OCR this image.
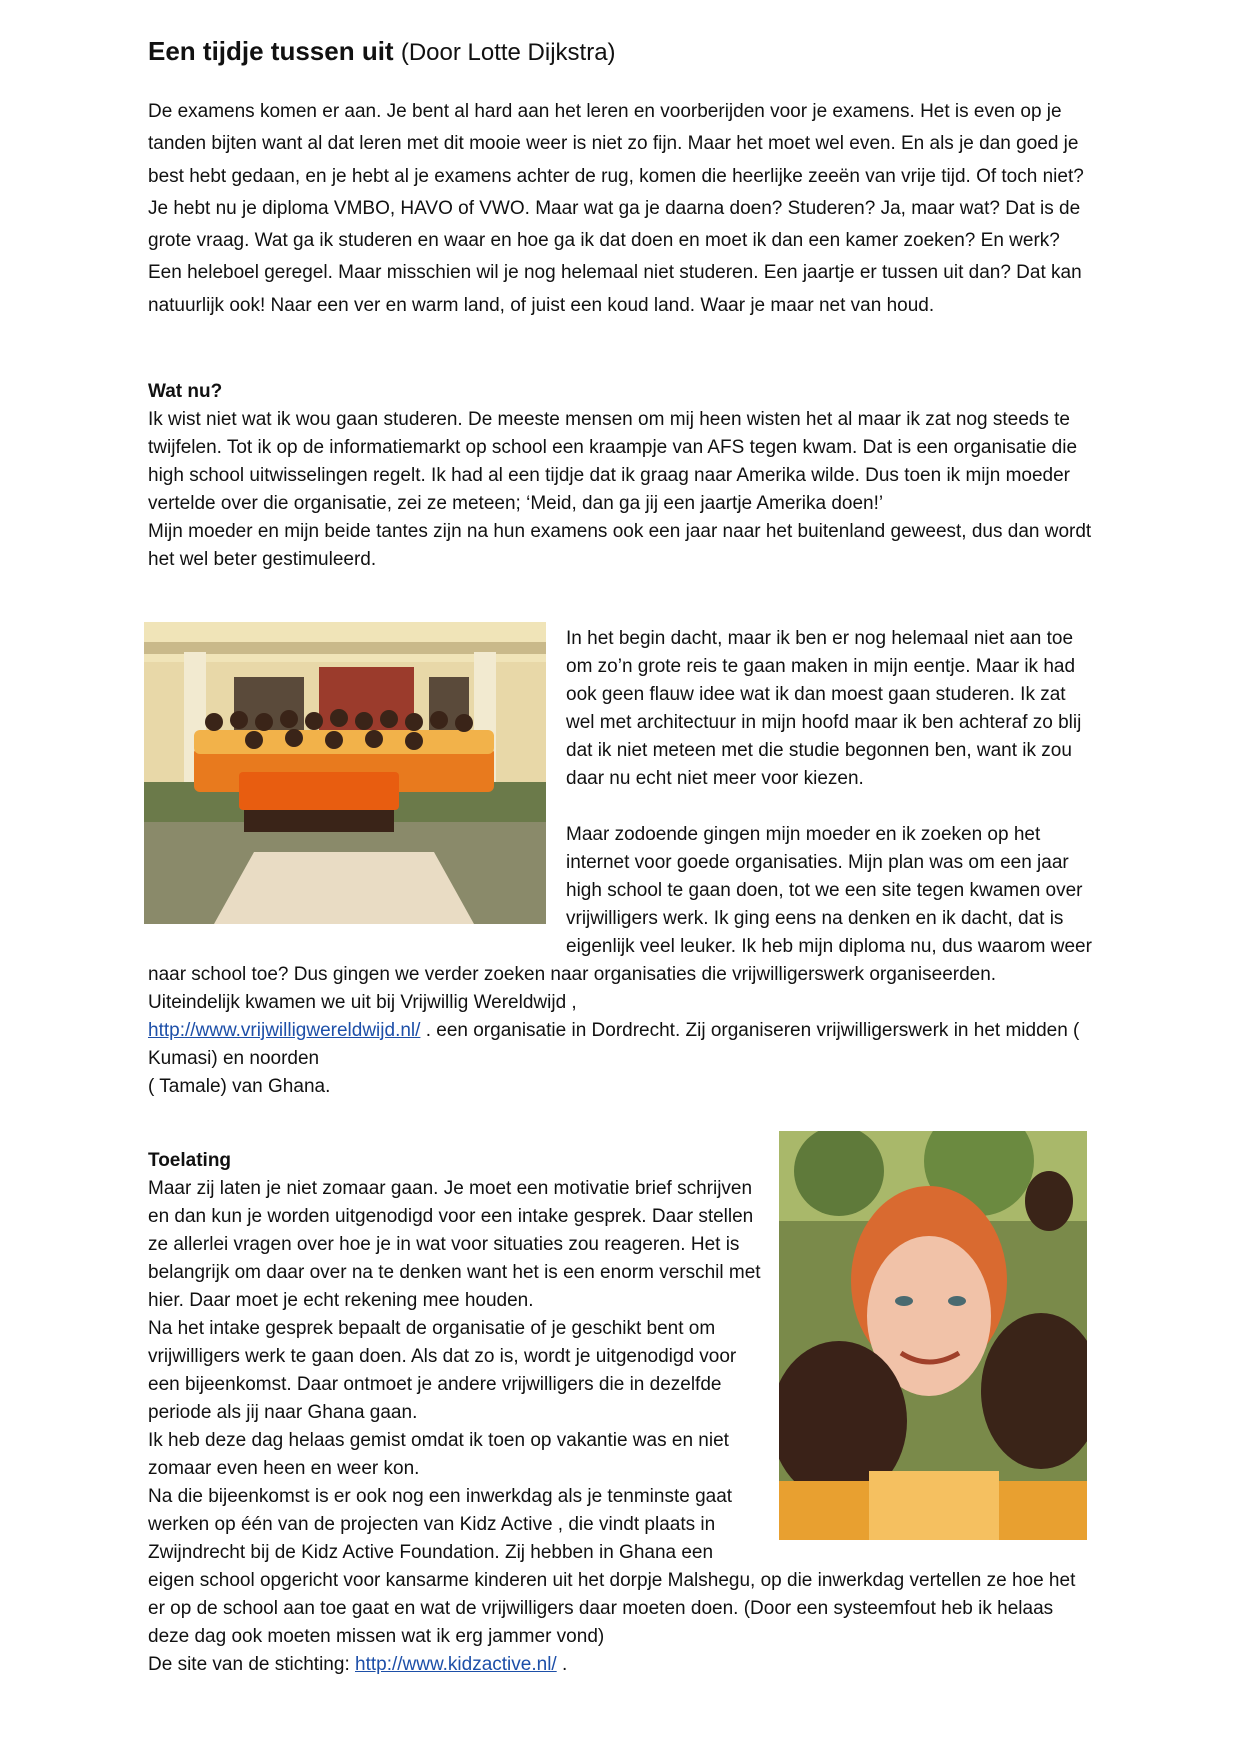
Een tijdje tussen uit (Door Lotte Dijkstra)

De examens komen er aan. Je bent al hard aan het leren en voorberijden voor je examens. Het is even op je tanden bijten want al dat leren met dit mooie weer is niet zo fijn. Maar het moet wel even. En als je dan goed je best hebt gedaan, en je hebt al je examens achter de rug, komen die heerlijke zeeën van vrije tijd. Of toch niet? Je hebt nu je diploma VMBO, HAVO of VWO. Maar wat ga je daarna doen? Studeren? Ja, maar wat? Dat is de grote vraag. Wat ga ik studeren en waar en hoe ga ik dat doen en moet ik dan een kamer zoeken? En werk? Een heleboel geregel. Maar misschien wil je nog helemaal niet studeren. Een jaartje er tussen uit dan? Dat kan natuurlijk ook! Naar een ver en warm land, of juist een koud land. Waar je maar net van houd.

Wat nu?
Ik wist niet wat ik wou gaan studeren. De meeste mensen om mij heen wisten het al maar ik zat nog steeds te twijfelen. Tot ik op de informatiemarkt op school een kraampje van AFS tegen kwam. Dat is een organisatie die high school uitwisselingen regelt. Ik had al een tijdje dat ik graag naar Amerika wilde. Dus toen ik mijn moeder vertelde over die organisatie, zei ze meteen; ‘Meid, dan ga jij een jaartje Amerika doen!’
Mijn moeder en mijn beide tantes zijn na hun examens ook een jaar naar het buitenland geweest, dus dan wordt het wel beter gestimuleerd.
In het begin dacht, maar ik ben er nog helemaal niet aan toe om zo’n grote reis te gaan maken in mijn eentje. Maar ik had ook geen flauw idee wat ik dan moest gaan studeren. Ik zat wel met architectuur in mijn hoofd maar ik ben achteraf zo blij dat ik niet meteen met die studie begonnen ben, want ik zou daar nu echt niet meer voor kiezen.
Maar zodoende gingen mijn moeder en ik zoeken op het internet voor goede organisaties. Mijn plan was om een jaar high school te gaan doen, tot we een site tegen kwamen over vrijwilligers werk. Ik ging eens na denken en ik dacht, dat is eigenlijk veel leuker. Ik heb mijn diploma nu, dus waarom weer naar school toe? Dus gingen we verder zoeken naar organisaties die vrijwilligerswerk organiseerden. Uiteindelijk kwamen we uit bij Vrijwillig Wereldwijd ,
http://www.vrijwilligwereldwijd.nl/ . een organisatie in Dordrecht. Zij organiseren vrijwilligerswerk in het midden ( Kumasi) en noorden
( Tamale) van Ghana.
Toelating
Maar zij laten je niet zomaar gaan. Je moet een motivatie brief schrijven en dan kun je worden uitgenodigd voor een intake gesprek. Daar stellen ze allerlei vragen over hoe je in wat voor situaties zou reageren. Het is belangrijk om daar over na te denken want het is een enorm verschil met hier. Daar moet je echt rekening mee houden.
Na het intake gesprek bepaalt de organisatie of je geschikt bent om vrijwilligers werk te gaan doen. Als dat zo is, wordt je uitgenodigd voor een bijeenkomst. Daar ontmoet je andere vrijwilligers die in dezelfde periode als jij naar Ghana gaan.
Ik heb deze dag helaas gemist omdat ik toen op vakantie was en niet zomaar even heen en weer kon.
Na die bijeenkomst is er ook nog een inwerkdag als je tenminste gaat werken op één van de projecten van Kidz Active , die vindt plaats in Zwijndrecht bij de Kidz Active Foundation. Zij hebben in Ghana een eigen school opgericht voor kansarme kinderen uit het dorpje Malshegu, op die inwerkdag vertellen ze hoe het er op de school aan toe gaat en wat de vrijwilligers daar moeten doen. (Door een systeemfout heb ik helaas deze dag ook moeten missen wat ik erg jammer vond)
De site van de stichting: http://www.kidzactive.nl/ .
